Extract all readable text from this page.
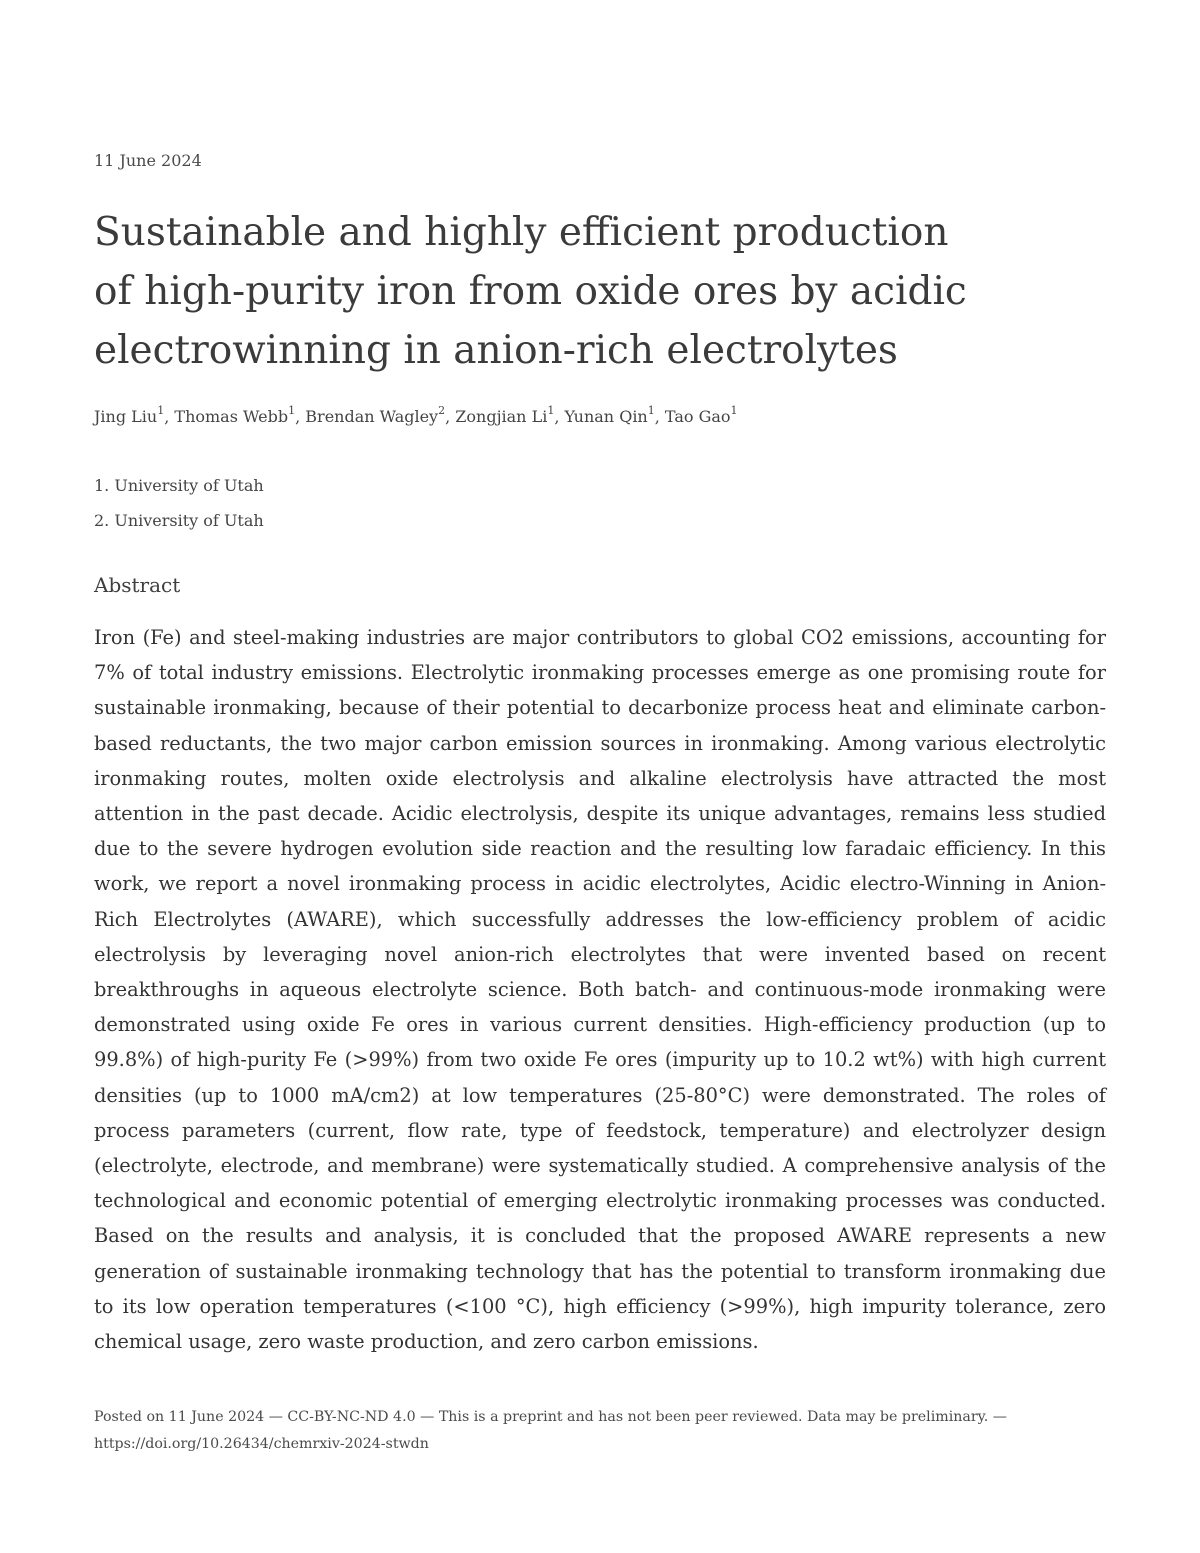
11 June 2024

Sustainable and highly efficient production of high-purity iron from oxide ores by acidic electrowinning in anion-rich electrolytes

Jing Liu$^1$, Thomas Webb$^1$, Brendan Wagley$^2$, Zongjian Li$^1$, Yunan Qin$^1$, Tao Gao$^1$

1. University of Utah
2. University of Utah
Abstract

Iron (Fe) and steel-making industries are major contributors to global CO2 emissions, accounting for 7% of total industry emissions. Electrolytic ironmaking processes emerge as one promising route for sustainable ironmaking, because of their potential to decarbonize process heat and eliminate carbon-based reductants, the two major carbon emission sources in ironmaking. Among various electrolytic ironmaking routes, molten oxide electrolysis and alkaline electrolysis have attracted the most attention in the past decade. Acidic electrolysis, despite its unique advantages, remains less studied due to the severe hydrogen evolution side reaction and the resulting low faradaic efficiency. In this work, we report a novel ironmaking process in acidic electrolytes, Acidic electro-Winning in Anion-Rich Electrolytes (AWARE), which successfully addresses the low-efficiency problem of acidic electrolysis by leveraging novel anion-rich electrolytes that were invented based on recent breakthroughs in aqueous electrolyte science. Both batch- and continuous-mode ironmaking were demonstrated using oxide Fe ores in various current densities. High-efficiency production (up to 99.8%) of high-purity Fe (>99%) from two oxide Fe ores (impurity up to 10.2 wt%) with high current densities (up to 1000 mA/cm2) at low temperatures (25-80°C) were demonstrated. The roles of process parameters (current, flow rate, type of feedstock, temperature) and electrolyzer design (electrolyte, electrode, and membrane) were systematically studied. A comprehensive analysis of the technological and economic potential of emerging electrolytic ironmaking processes was conducted. Based on the results and analysis, it is concluded that the proposed AWARE represents a new generation of sustainable ironmaking technology that has the potential to transform ironmaking due to its low operation temperatures (<100 °C), high efficiency (>99%), high impurity tolerance, zero chemical usage, zero waste production, and zero carbon emissions.

Posted on 11 June 2024 — CC-BY-NC-ND 4.0 — This is a preprint and has not been peer reviewed. Data may be preliminary. — https://doi.org/10.26434/chemrxiv-2024-stwdn
